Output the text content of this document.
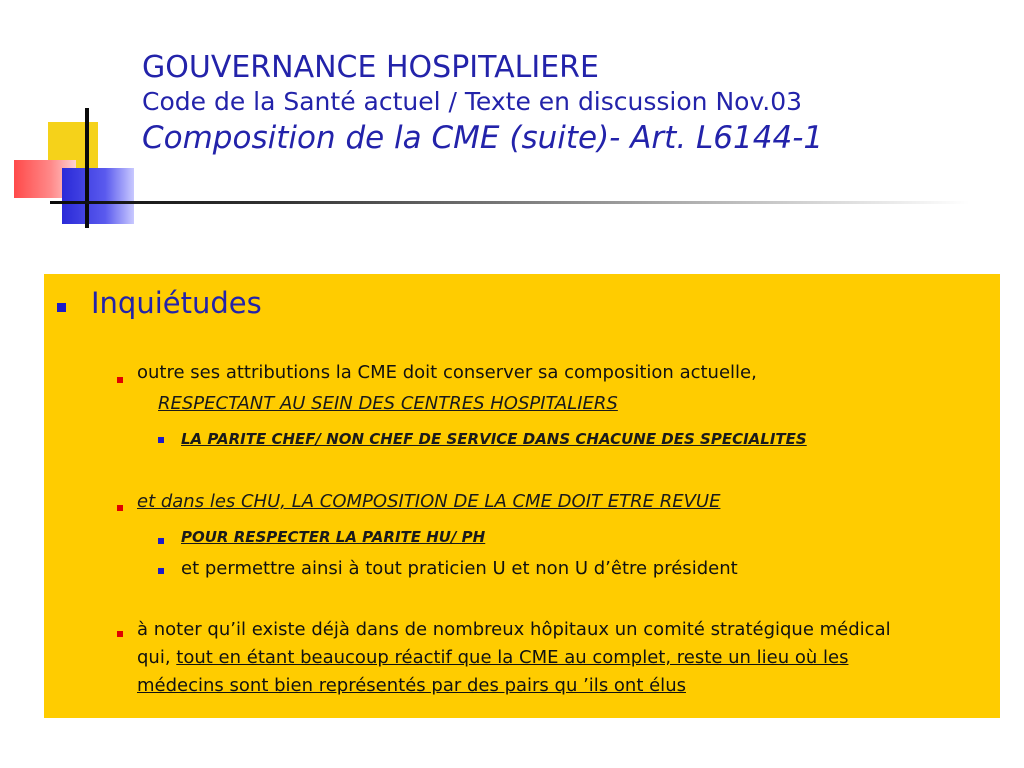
GOUVERNANCE HOSPITALIERE
Code de la Santé actuel / Texte en discussion Nov.03
Composition de la CME (suite)- Art. L6144-1
Inquiétudes
outre ses attributions la CME doit conserver sa composition actuelle,
RESPECTANT AU SEIN DES CENTRES HOSPITALIERS
LA PARITE CHEF/ NON CHEF DE SERVICE DANS CHACUNE DES SPECIALITES
et dans les CHU, LA COMPOSITION DE LA CME DOIT ETRE REVUE
POUR RESPECTER LA PARITE HU/ PH
et permettre ainsi à tout praticien U et non U d’être président
à noter qu’il existe déjà dans de nombreux hôpitaux un comité stratégique médical
qui, tout en étant beaucoup réactif que la CME au complet, reste un lieu où les
médecins sont bien représentés par des pairs qu ’ils ont élus
